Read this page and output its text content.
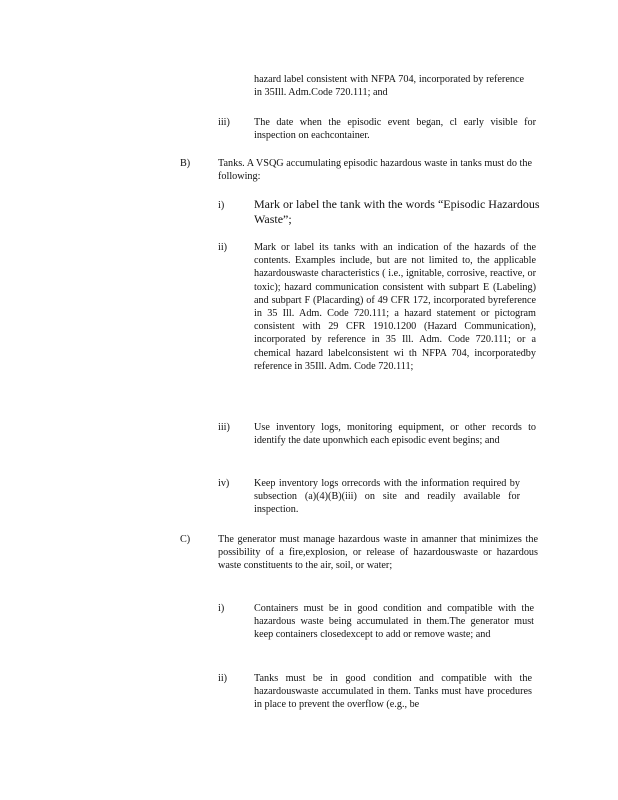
hazard label consistent with NFPA 704, incorporated by reference in 35Ill. Adm.Code 720.111; and
iii) The date when the episodic event began, cl early visible for inspection on eachcontainer.
B)	Tanks. A VSQG accumulating episodic hazardous waste in tanks must do the following:
i) Mark or label the tank with the words “Episodic Hazardous Waste”;
ii)	Mark or label its tanks with an indication of the hazards of the contents. Examples include, but are not limited to, the applicable hazardouswaste characteristics ( i.e., ignitable, corrosive, reactive, or toxic); hazard communication consistent with subpart E (Labeling) and subpart F (Placarding) of 49 CFR 172, incorporated byreference in 35 Ill. Adm. Code 720.111; a hazard statement or pictogram consistent with 29 CFR 1910.1200 (Hazard Communication), incorporated by reference in 35 Ill. Adm. Code 720.111; or a chemical hazard labelconsistent wi th NFPA 704, incorporatedby reference in 35Ill. Adm. Code 720.111;
iii) Use inventory logs, monitoring equipment, or other records to identify the date uponwhich each episodic event begins; and
iv) Keep inventory logs orrecords with the information required by subsection (a)(4)(B)(iii) on site and readily available for inspection.
C)	The generator must manage hazardous waste in amanner that minimizes the possibility of a fire,explosion, or release of hazardouswaste or hazardous waste constituents to the air, soil, or water;
i)	Containers must be in good condition and compatible with the hazardous waste being accumulated in them.The generator must keep containers closedexcept to add or remove waste; and
ii)	Tanks must be in good condition and compatible with the hazardouswaste accumulated in them. Tanks must have procedures in place to prevent the overflow (e.g., be
